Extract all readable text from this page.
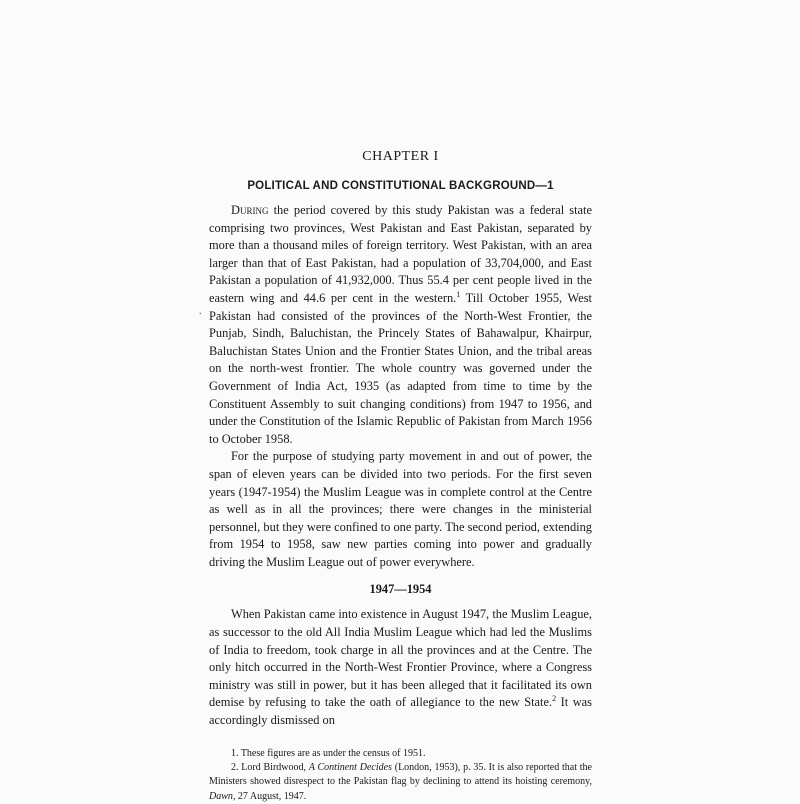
.
CHAPTER I
POLITICAL AND CONSTITUTIONAL BACKGROUND—1

During the period covered by this study Pakistan was a federal state comprising two provinces, West Pakistan and East Pakistan, separated by more than a thousand miles of foreign territory. West Pakistan, with an area larger than that of East Pakistan, had a population of 33,704,000, and East Pakistan a population of 41,932,000. Thus 55.4 per cent people lived in the eastern wing and 44.6 per cent in the western.$^1$ Till October 1955, West Pakistan had consisted of the provinces of the North-West Frontier, the Punjab, Sindh, Baluchistan, the Princely States of Bahawalpur, Khairpur, Baluchistan States Union and the Frontier States Union, and the tribal areas on the north-west frontier. The whole country was governed under the Government of India Act, 1935 (as adapted from time to time by the Constituent Assembly to suit changing conditions) from 1947 to 1956, and under the Constitution of the Islamic Republic of Pakistan from March 1956 to October 1958.

For the purpose of studying party movement in and out of power, the span of eleven years can be divided into two periods. For the first seven years (1947-1954) the Muslim League was in complete control at the Centre as well as in all the provinces; there were changes in the ministerial personnel, but they were confined to one party. The second period, extending from 1954 to 1958, saw new parties coming into power and gradually driving the Muslim League out of power everywhere.

1947—1954

When Pakistan came into existence in August 1947, the Muslim League, as successor to the old All India Muslim League which had led the Muslims of India to freedom, took charge in all the provinces and at the Centre. The only hitch occurred in the North-West Frontier Province, where a Congress ministry was still in power, but it has been alleged that it facilitated its own demise by refusing to take the oath of allegiance to the new State.$^2$ It was accordingly dismissed on

1. These figures are as under the census of 1951.

2. Lord Birdwood, A Continent Decides (London, 1953), p. 35. It is also reported that the Ministers showed disrespect to the Pakistan flag by declining to attend its hoisting ceremony, Dawn, 27 August, 1947.
